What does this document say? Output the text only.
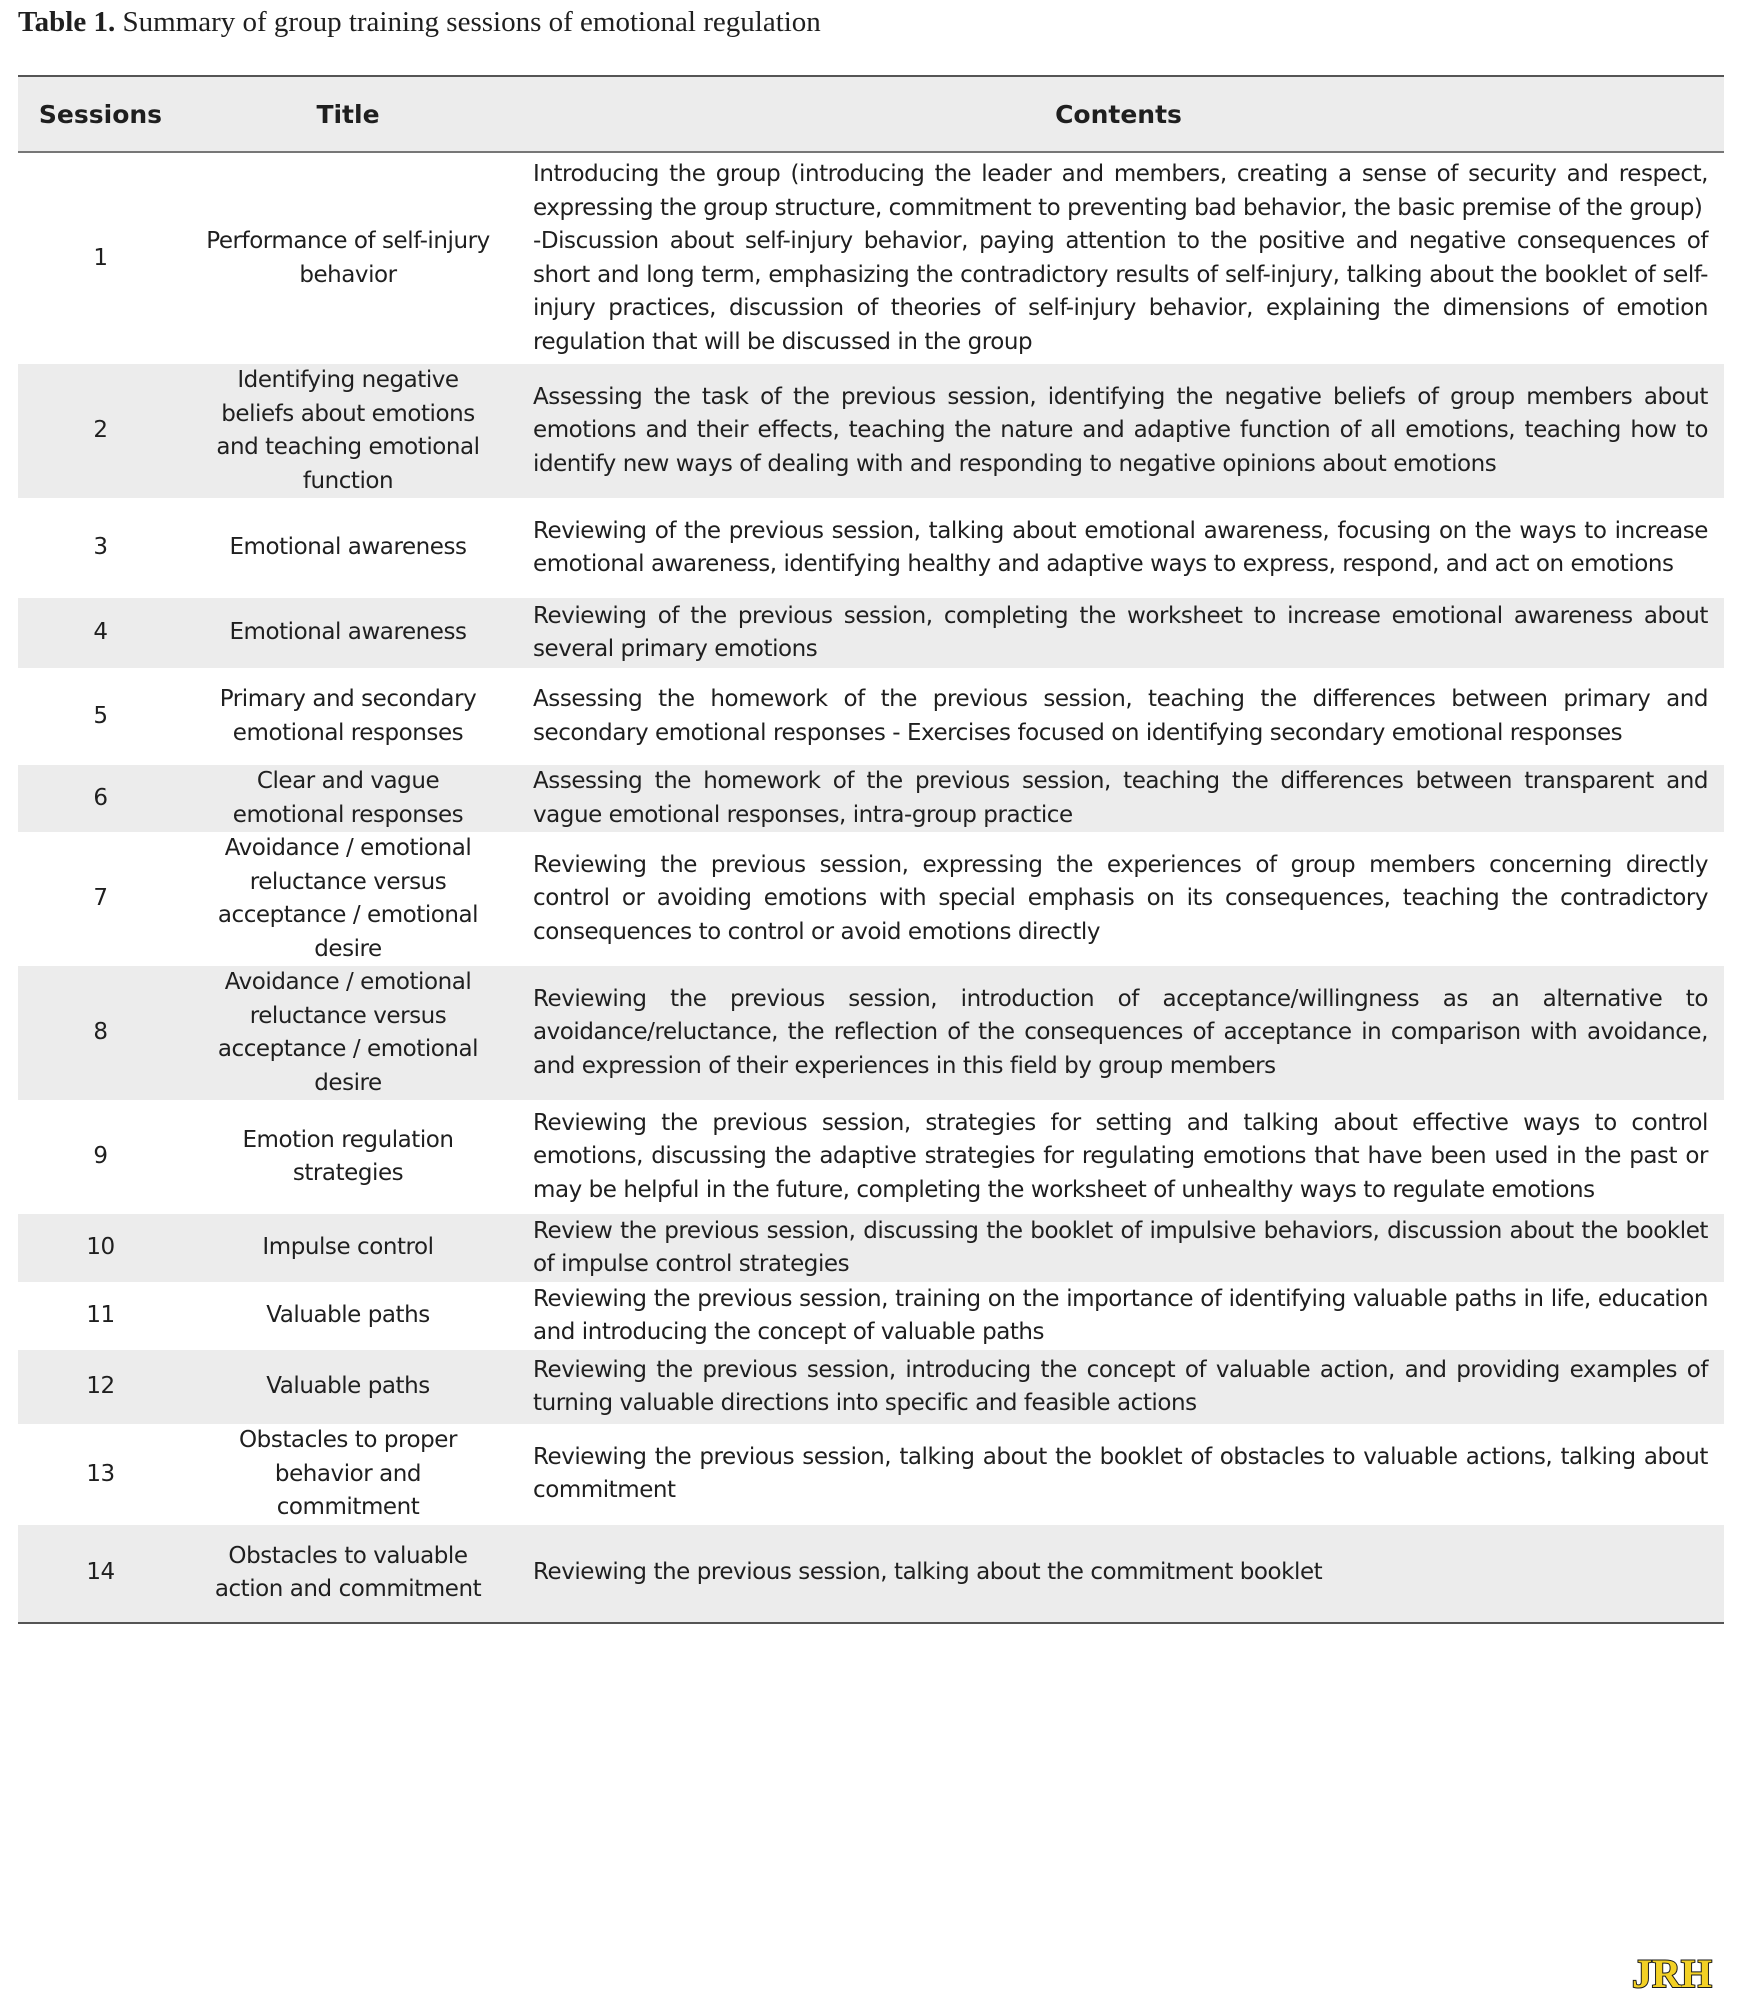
Table 1. Summary of group training sessions of emotional regulation
Sessions	Title	Contents
1	Performance of self-injury behavior	Introducing the group (introducing the leader and members, creating a sense of security and respect, expressing the group structure, commitment to preventing bad behavior, the basic premise of the group)
-Discussion about self-injury behavior, paying attention to the positive and negative consequences of short and long term, emphasizing the contradictory results of self-injury, talking about the booklet of self-injury practices, discussion of theories of self-injury behavior, explaining the dimensions of emotion regulation that will be discussed in the group

2	Identifying negative beliefs about emotions and teaching emotional function	Assessing the task of the previous session, identifying the negative beliefs of group members about emotions and their effects, teaching the nature and adaptive function of all emotions, teaching how to identify new ways of dealing with and responding to negative opinions about emotions

3	Emotional awareness	Reviewing of the previous session, talking about emotional awareness, focusing on the ways to increase emotional awareness, identifying healthy and adaptive ways to express, respond, and act on emotions

4	Emotional awareness	Reviewing of the previous session, completing the worksheet to increase emotional awareness about several primary emotions

5	Primary and secondary emotional responses	Assessing the homework of the previous session, teaching the differences between primary and secondary emotional responses - Exercises focused on identifying secondary emotional responses

6	Clear and vague emotional responses	Assessing the homework of the previous session, teaching the differences between transparent and vague emotional responses, intra-group practice

7	Avoidance / emotional reluctance versus acceptance / emotional desire	Reviewing the previous session, expressing the experiences of group members concerning directly control or avoiding emotions with special emphasis on its consequences, teaching the contradictory consequences to control or avoid emotions directly

8	Avoidance / emotional reluctance versus acceptance / emotional desire	Reviewing the previous session, introduction of acceptance/willingness as an alternative to avoidance/reluctance, the reflection of the consequences of acceptance in comparison with avoidance, and expression of their experiences in this field by group members

9	Emotion regulation strategies	Reviewing the previous session, strategies for setting and talking about effective ways to control emotions, discussing the adaptive strategies for regulating emotions that have been used in the past or may be helpful in the future, completing the worksheet of unhealthy ways to regulate emotions

10	Impulse control	Review the previous session, discussing the booklet of impulsive behaviors, discussion about the booklet of impulse control strategies

11	Valuable paths	Reviewing the previous session, training on the importance of identifying valuable paths in life, education and introducing the concept of valuable paths

12	Valuable paths	Reviewing the previous session, introducing the concept of valuable action, and providing examples of turning valuable directions into specific and feasible actions

13	Obstacles to proper behavior and commitment	Reviewing the previous session, talking about the booklet of obstacles to valuable actions, talking about commitment

14	Obstacles to valuable action and commitment	Reviewing the previous session, talking about the commitment booklet
JRH
